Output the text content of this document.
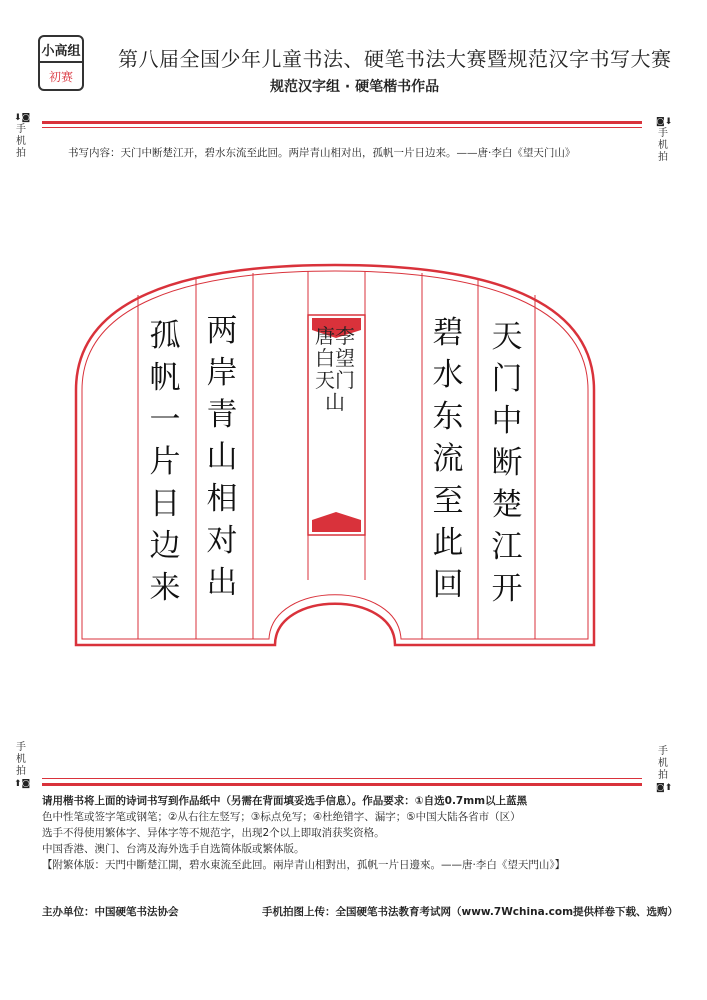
小高组
初赛
第八届全国少年儿童书法、硬笔书法大赛暨规范汉字书写大赛
规范汉字组 · 硬笔楷书作品
⬇◙
手
机
拍
◙⬇
手
机
拍
书写内容：天门中断楚江开，碧水东流至此回。两岸青山相对出，孤帆一片日边来。——唐·李白《望天门山》
天门中断楚江开
碧水东流至此回
两岸青山相对出
孤帆一片日边来
唐李白望天门山
手
机
拍
⬆◙
手
机
拍
◙⬆
请用楷书将上面的诗词书写到作品纸中（另需在背面填妥选手信息）。作品要求：①自选0.7mm以上蓝黑
色中性笔或签字笔或钢笔；②从右往左竖写；③标点免写；④杜绝错字、漏字；⑤中国大陆各省市（区）
选手不得使用繁体字、异体字等不规范字，出现2个以上即取消获奖资格。
中国香港、澳门、台湾及海外选手自选简体版或繁体版。
【附繁体版：天門中斷楚江開，碧水東流至此回。兩岸青山相對出，孤帆一片日邊來。——唐·李白《望天門山》】
主办单位：中国硬笔书法协会	手机拍图上传：全国硬笔书法教育考试网（www.7Wchina.com提供样卷下载、选购）
